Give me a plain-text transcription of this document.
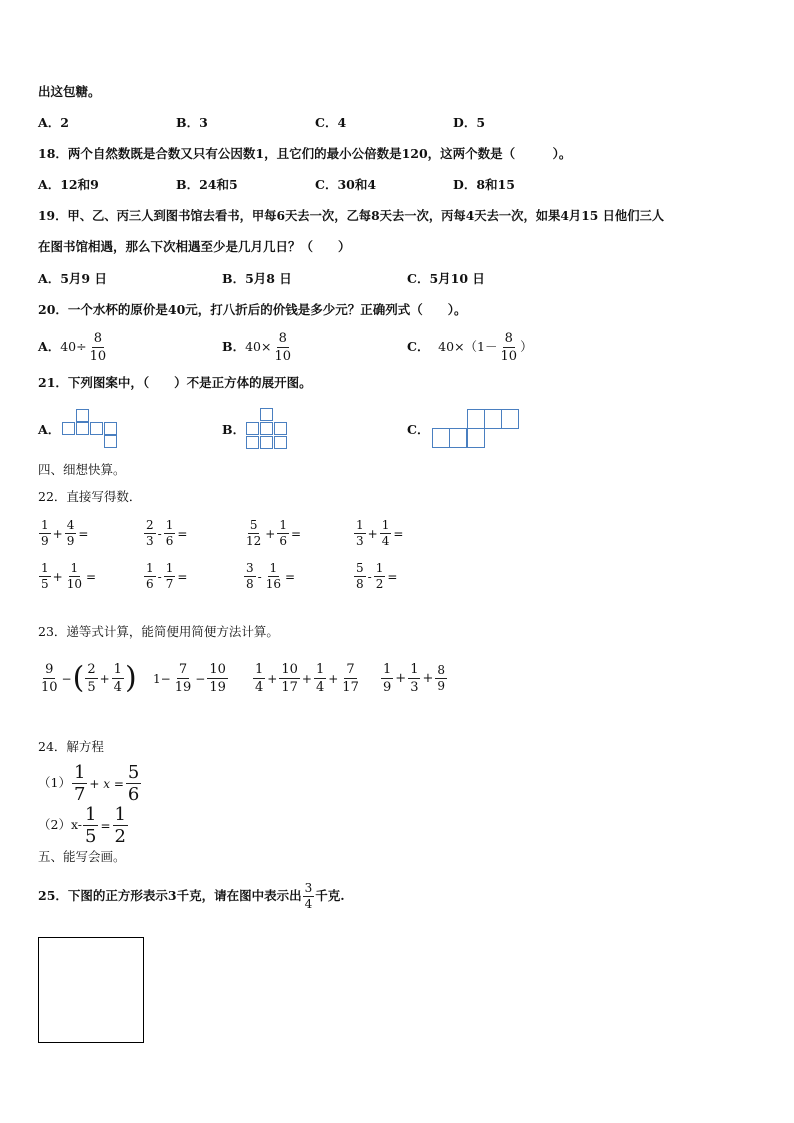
出这包糖。
A．2	B．3	C．4	D．5
18．两个自然数既是合数又只有公因数1，且它们的最小公倍数是120，这两个数是（　　　）。
A．12和9	B．24和5	C．30和4	D．8和15
19．甲、乙、丙三人到图书馆去看书，甲每6天去一次，乙每8天去一次，丙每4天去一次，如果4月15 日他们三人
在图书馆相遇，那么下次相遇至少是几月几日？（　　）
A．5月9 日	B．5月8 日	C．5月10 日
20．一个水杯的原价是40元，打八折后的价钱是多少元？正确列式（　　）。
A．$40\div \frac{8}{10}$	B．$40\times \frac{8}{10}$	C． $40\times(1- \frac{8}{10}$ ）
21．下列图案中，（　　）不是正方体的展开图。
A．	B．	C．
四、细想快算。
22．直接写得数．
$\frac{1}{9} + \frac{4}{9}$ =	$\frac{2}{3} - \frac{1}{6}$ =	$\frac{5}{12} + \frac{1}{6}$ =	$\frac{1}{3} + \frac{1}{4}$ =
$\frac{1}{5} + \frac{1}{10}$ =	$\frac{1}{6} - \frac{1}{7}$ =	$\frac{3}{8} - \frac{1}{16}$ =	$\frac{5}{8} - \frac{1}{2}$ =
23．递等式计算，能简便用简便方法计算。
$\frac{9}{10}$ −( $\frac{2}{5} + \frac{1}{4}$ ) $1- \frac{7}{19} - \frac{10}{19} \frac{1}{4} + \frac{10}{17} + \frac{1}{4} + \frac{7}{17} \frac{1}{9} + \frac{1}{3} + \frac{8}{9}$
24．解方程
$(1) \frac{1}{7} + x = \frac{5}{6}$
$(2)x- \frac{1}{5} = \frac{1}{2}$
五、能写会画。
25．下图的正方形表示3千克，请在图中表示出 $\frac{3}{4}$ 千克.
